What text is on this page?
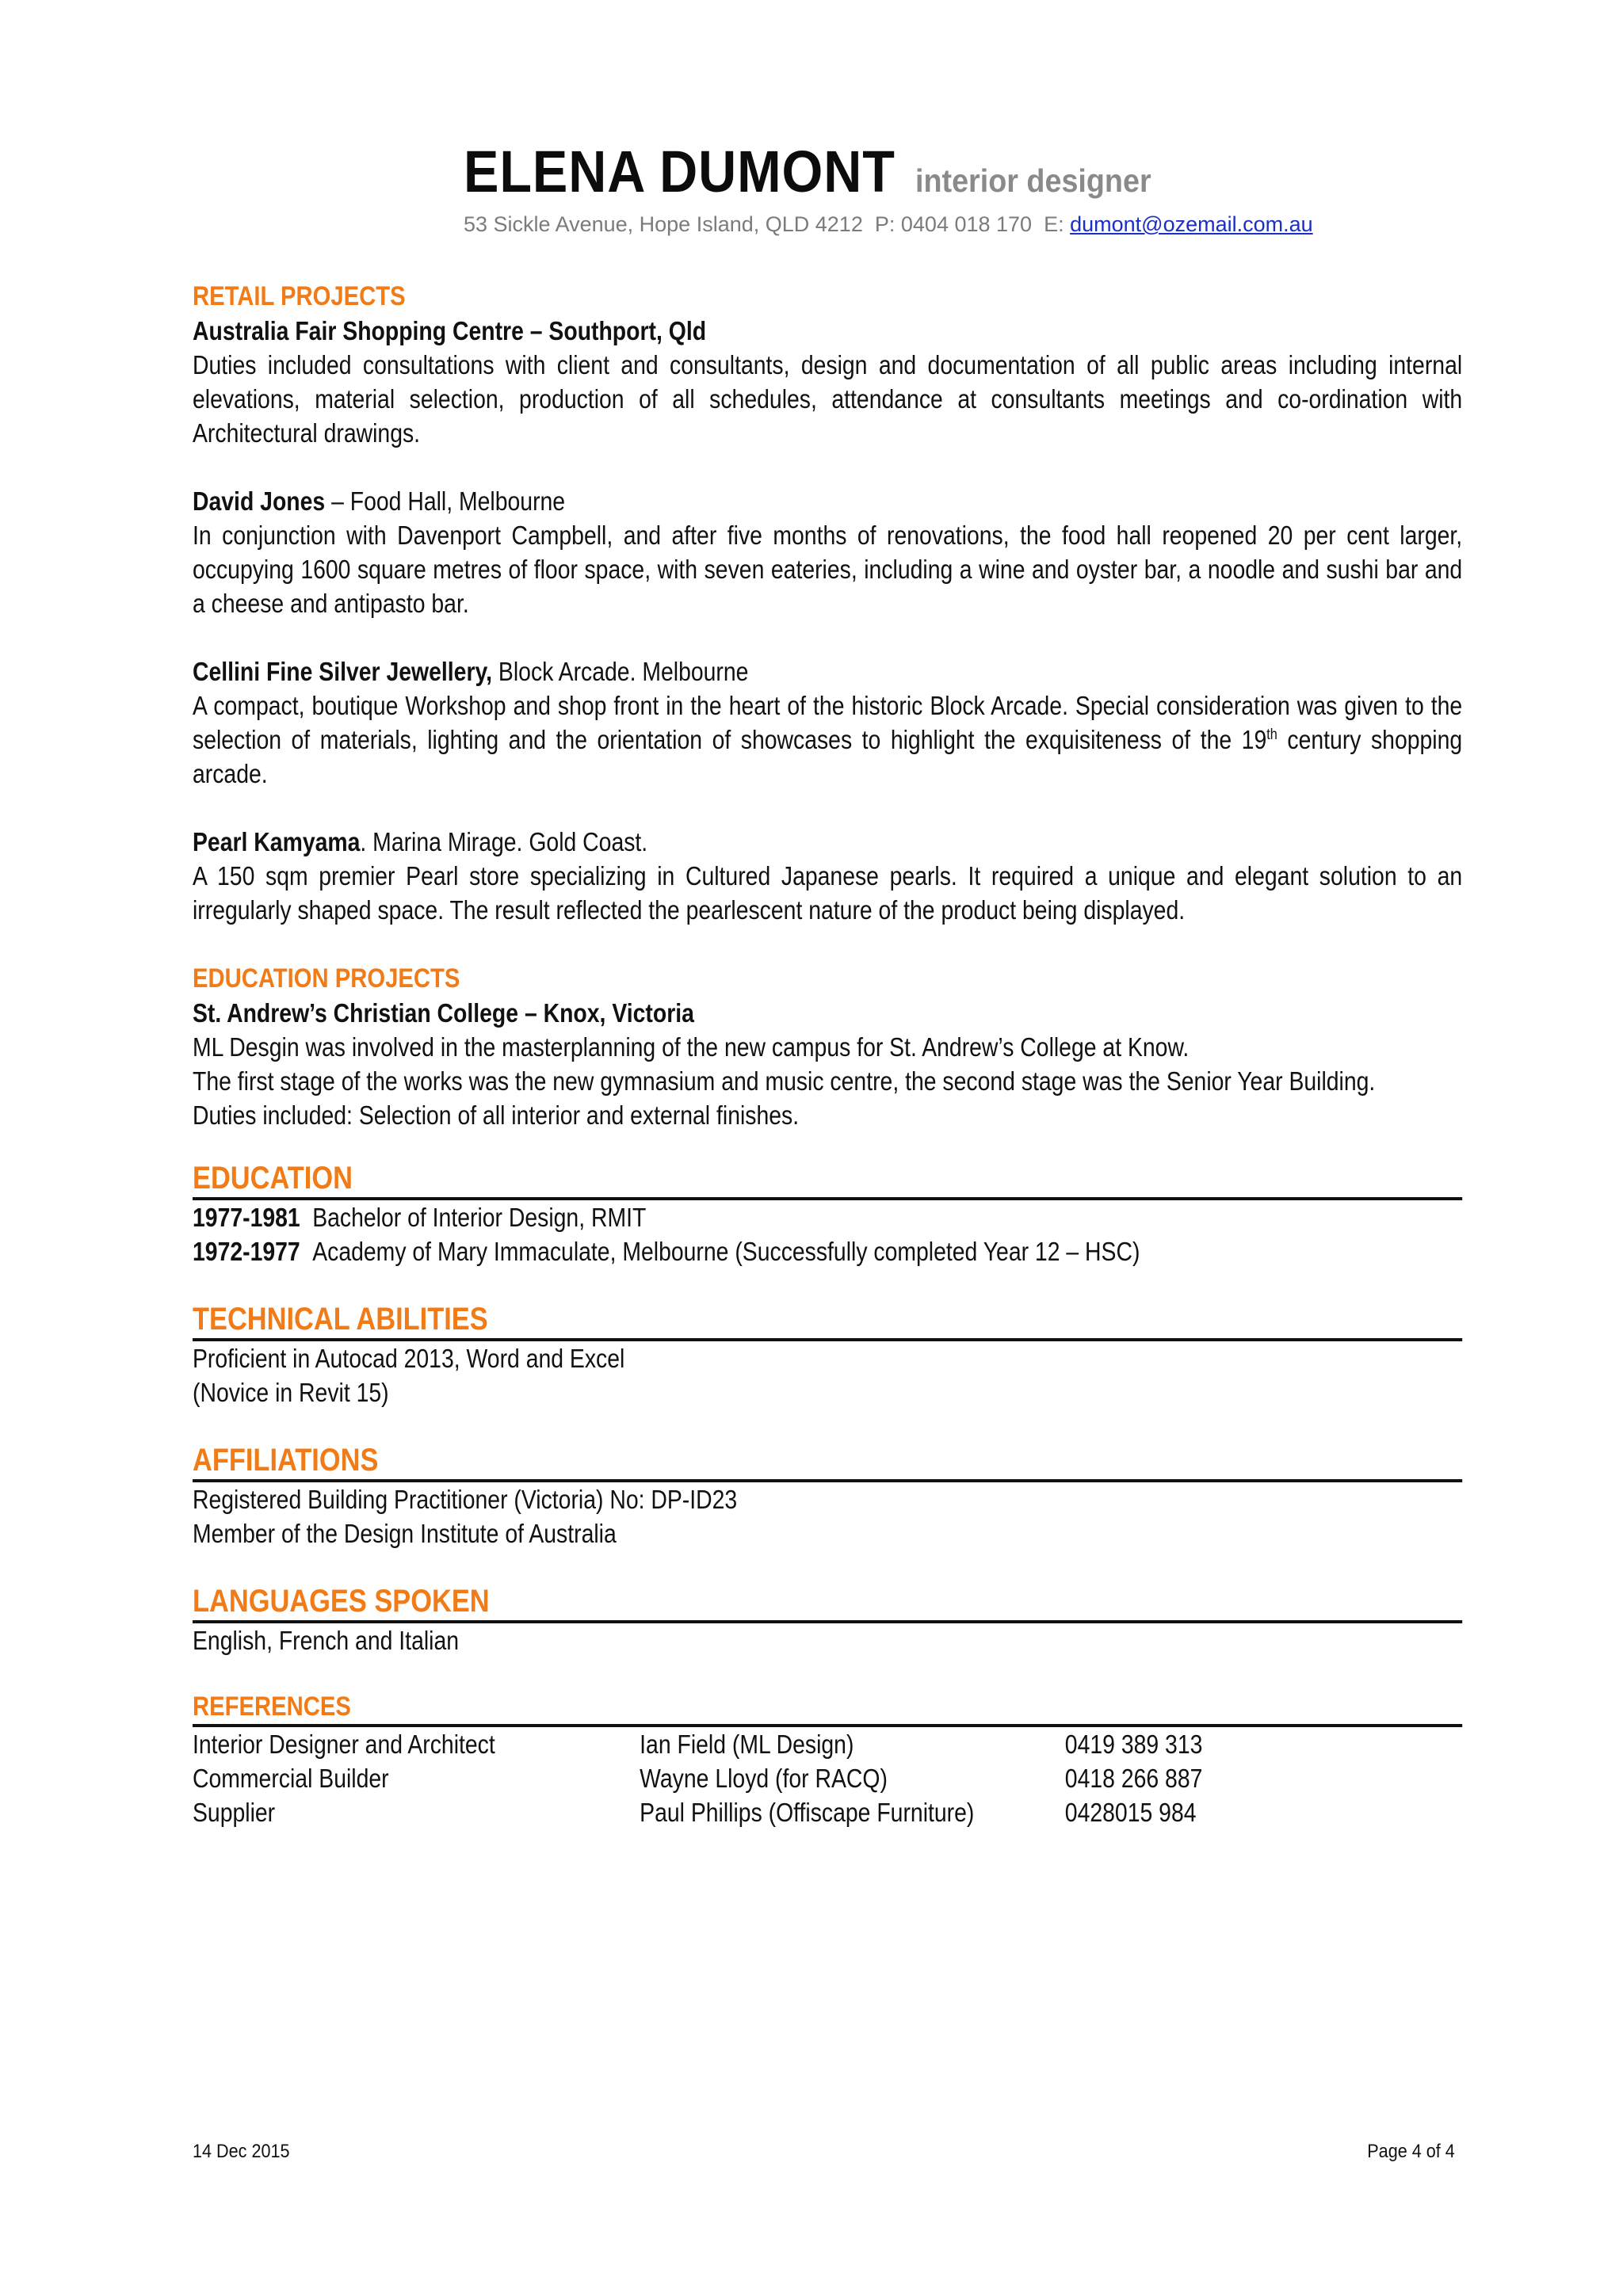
ELENA DUMONT interior designer
53 Sickle Avenue, Hope Island, QLD 4212 P: 0404 018 170 E: dumont@ozemail.com.au
RETAIL PROJECTS
Australia Fair Shopping Centre – Southport, Qld
Duties included consultations with client and consultants, design and documentation of all public areas including internal elevations, material selection, production of all schedules, attendance at consultants meetings and co-ordination with Architectural drawings.
David Jones – Food Hall, Melbourne
In conjunction with Davenport Campbell, and after five months of renovations, the food hall reopened 20 per cent larger, occupying 1600 square metres of floor space, with seven eateries, including a wine and oyster bar, a noodle and sushi bar and a cheese and antipasto bar.
Cellini Fine Silver Jewellery, Block Arcade. Melbourne
A compact, boutique Workshop and shop front in the heart of the historic Block Arcade. Special consideration was given to the selection of materials, lighting and the orientation of showcases to highlight the exquisiteness of the 19th century shopping arcade.
Pearl Kamyama. Marina Mirage. Gold Coast.
A 150 sqm premier Pearl store specializing in Cultured Japanese pearls. It required a unique and elegant solution to an irregularly shaped space. The result reflected the pearlescent nature of the product being displayed.
EDUCATION PROJECTS
St. Andrew’s Christian College – Knox, Victoria
ML Desgin was involved in the masterplanning of the new campus for St. Andrew’s College at Know.
The first stage of the works was the new gymnasium and music centre, the second stage was the Senior Year Building.
Duties included: Selection of all interior and external finishes.
EDUCATION
1977-1981 Bachelor of Interior Design, RMIT
1972-1977 Academy of Mary Immaculate, Melbourne (Successfully completed Year 12 – HSC)
TECHNICAL ABILITIES
Proficient in Autocad 2013, Word and Excel
(Novice in Revit 15)
AFFILIATIONS
Registered Building Practitioner (Victoria) No: DP-ID23
Member of the Design Institute of Australia
LANGUAGES SPOKEN
English, French and Italian
REFERENCES
Interior Designer and Architect	Ian Field (ML Design)	0419 389 313
Commercial Builder	Wayne Lloyd (for RACQ)	0418 266 887
Supplier	Paul Phillips (Offiscape Furniture)	0428015 984
14 Dec 2015	Page 4 of 4
